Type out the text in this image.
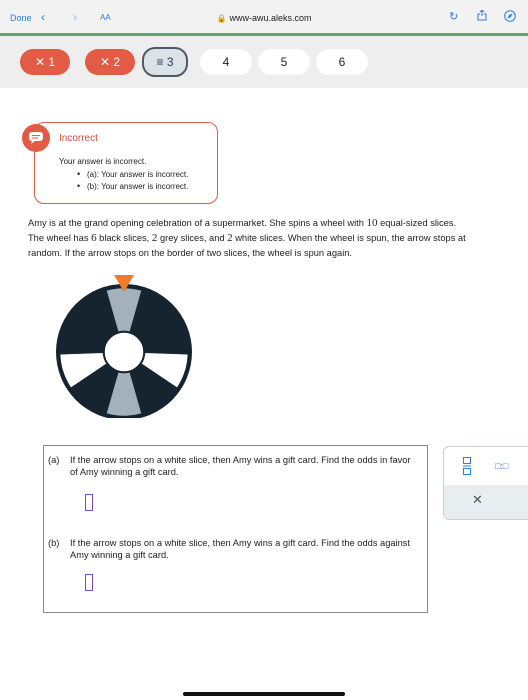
Done ‹ ›	AA	🔒 www-awu.aleks.com	↻
✕ 1	✕ 2	≡ 3	4	5	6
Incorrect
Your answer is incorrect.
• (a): Your answer is incorrect.
• (b): Your answer is incorrect.
Amy is at the grand opening celebration of a supermarket. She spins a wheel with 10 equal-sized slices.
The wheel has 6 black slices, 2 grey slices, and 2 white slices. When the wheel is spun, the arrow stops at
random. If the arrow stops on the border of two slices, the wheel is spun again.
(a) If the arrow stops on a white slice, then Amy wins a gift card. Find the odds in favor of Amy winning a gift card.
(b) If the arrow stops on a white slice, then Amy wins a gift card. Find the odds against Amy winning a gift card.
□:□
✕
